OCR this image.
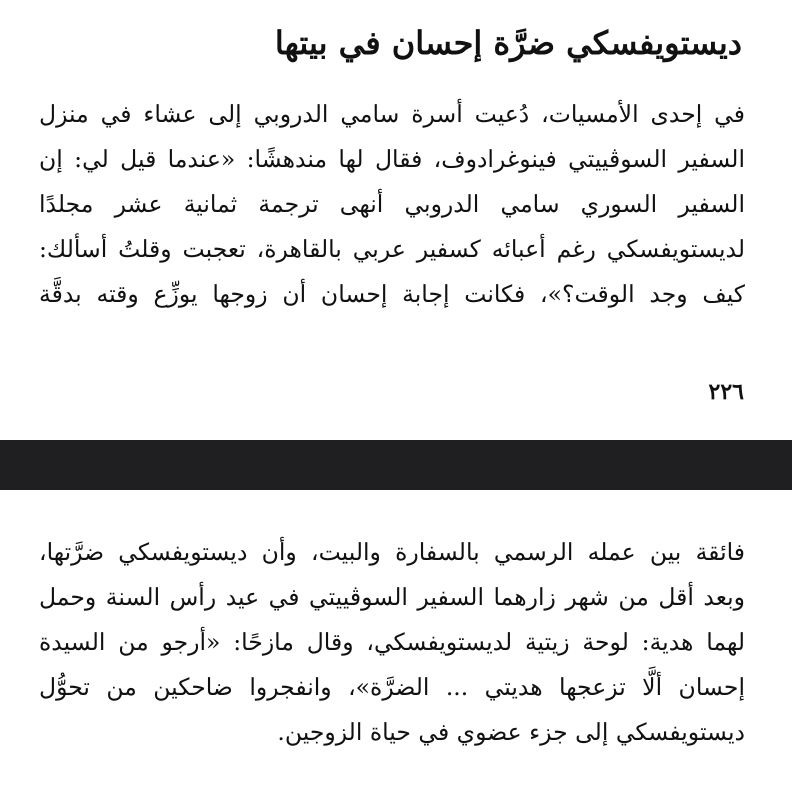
ديستويفسكي ضرَّة إحسان في بيتها
في إحدى الأمسيات، دُعيت أسرة سامي الدروبي إلى عشاء في منزل
السفير السوڤييتي فينوغرادوف، فقال لها مندهشًا: «عندما قيل لي: إن
السفير السوري سامي الدروبي أنهى ترجمة ثمانية عشر مجلدًا
لديستويفسكي رغم أعبائه كسفير عربي بالقاهرة، تعجبت وقلتُ أسألك:
كيف وجد الوقت؟»، فكانت إجابة إحسان أن زوجها يوزِّع وقته بدقَّة
٢٢٦
فائقة بين عمله الرسمي بالسفارة والبيت، وأن ديستويفسكي ضرَّتها،
وبعد أقل من شهر زارهما السفير السوڤييتي في عيد رأس السنة وحمل
لهما هدية: لوحة زيتية لديستويفسكي، وقال مازحًا: «أرجو من السيدة
إحسان ألَّا تزعجها هديتي ... الضرَّة»، وانفجروا ضاحكين من تحوُّل
ديستويفسكي إلى جزء عضوي في حياة الزوجين.
